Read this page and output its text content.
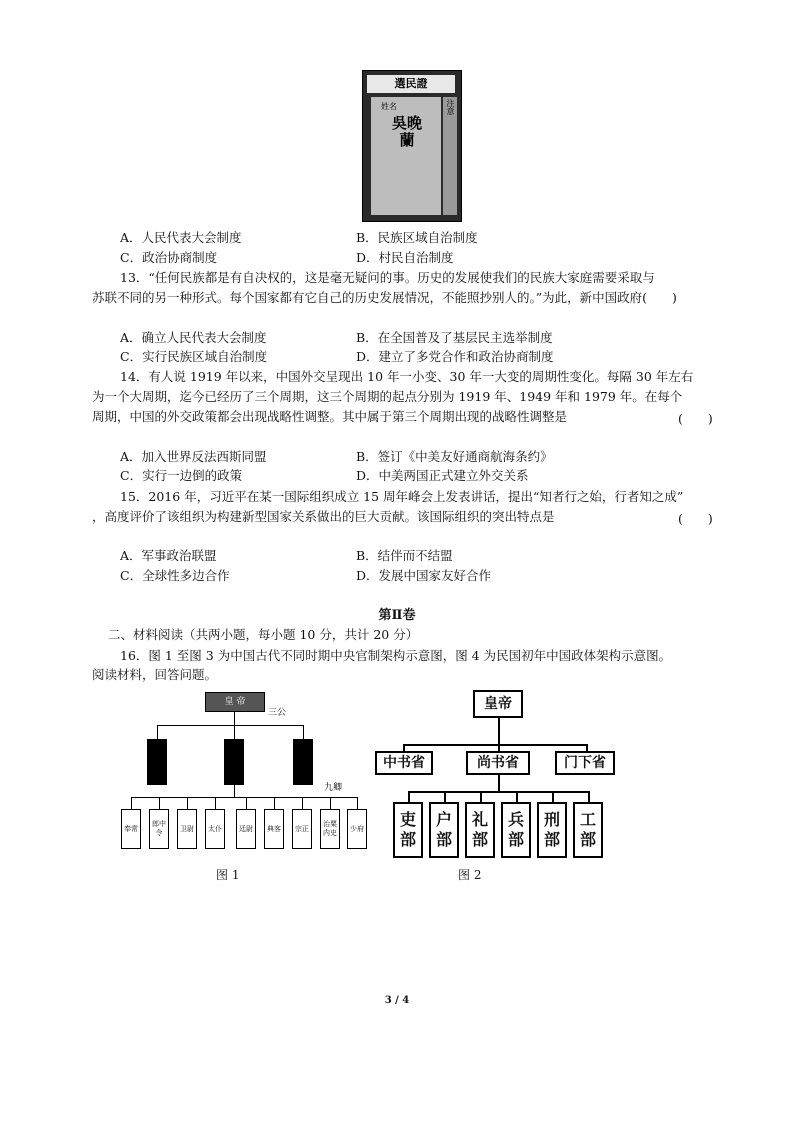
選民證
姓名
吳晚蘭
注意
A．人民代表大会制度	B．民族区域自治制度
C．政治协商制度	D．村民自治制度
13．“任何民族都是有自决权的，这是毫无疑问的事。历史的发展使我们的民族大家庭需要采取与
苏联不同的另一种形式。每个国家都有它自己的历史发展情况，不能照抄别人的。”为此，新中国政府(　　)
A．确立人民代表大会制度	B．在全国普及了基层民主选举制度
C．实行民族区域自治制度	D．建立了多党合作和政治协商制度
14．有人说 1919 年以来，中国外交呈现出 10 年一小变、30 年一大变的周期性变化。每隔 30 年左右
为一个大周期，迄今已经历了三个周期，这三个周期的起点分别为 1919 年、1949 年和 1979 年。在每个
周期，中国的外交政策都会出现战略性调整。其中属于第三个周期出现的战略性调整是	(　　)
A．加入世界反法西斯同盟	B．签订《中美友好通商航海条约》
C．实行一边倒的政策	D．中美两国正式建立外交关系
15．2016 年，习近平在某一国际组织成立 15 周年峰会上发表讲话，提出“知者行之始，行者知之成”
，高度评价了该组织为构建新型国家关系做出的巨大贡献。该国际组织的突出特点是	(　　)
A．军事政治联盟	B．结伴而不结盟
C．全球性多边合作	D．发展中国家友好合作
第Ⅱ卷
二、材料阅读（共两小题，每小题 10 分，共计 20 分）
16．图 1 至图 3 为中国古代不同时期中央官制架构示意图，图 4 为民国初年中国政体架构示意图。
阅读材料，回答问题。
皇 帝
三公
九卿
奉常
郎中令
卫尉	太仆	廷尉	典客	宗正
治粟内史
少府
图 1
皇帝
中书省	尚书省	门下省
吏
部
户
部
礼
部
兵
部
刑
部
工
部
图 2
3 / 4
